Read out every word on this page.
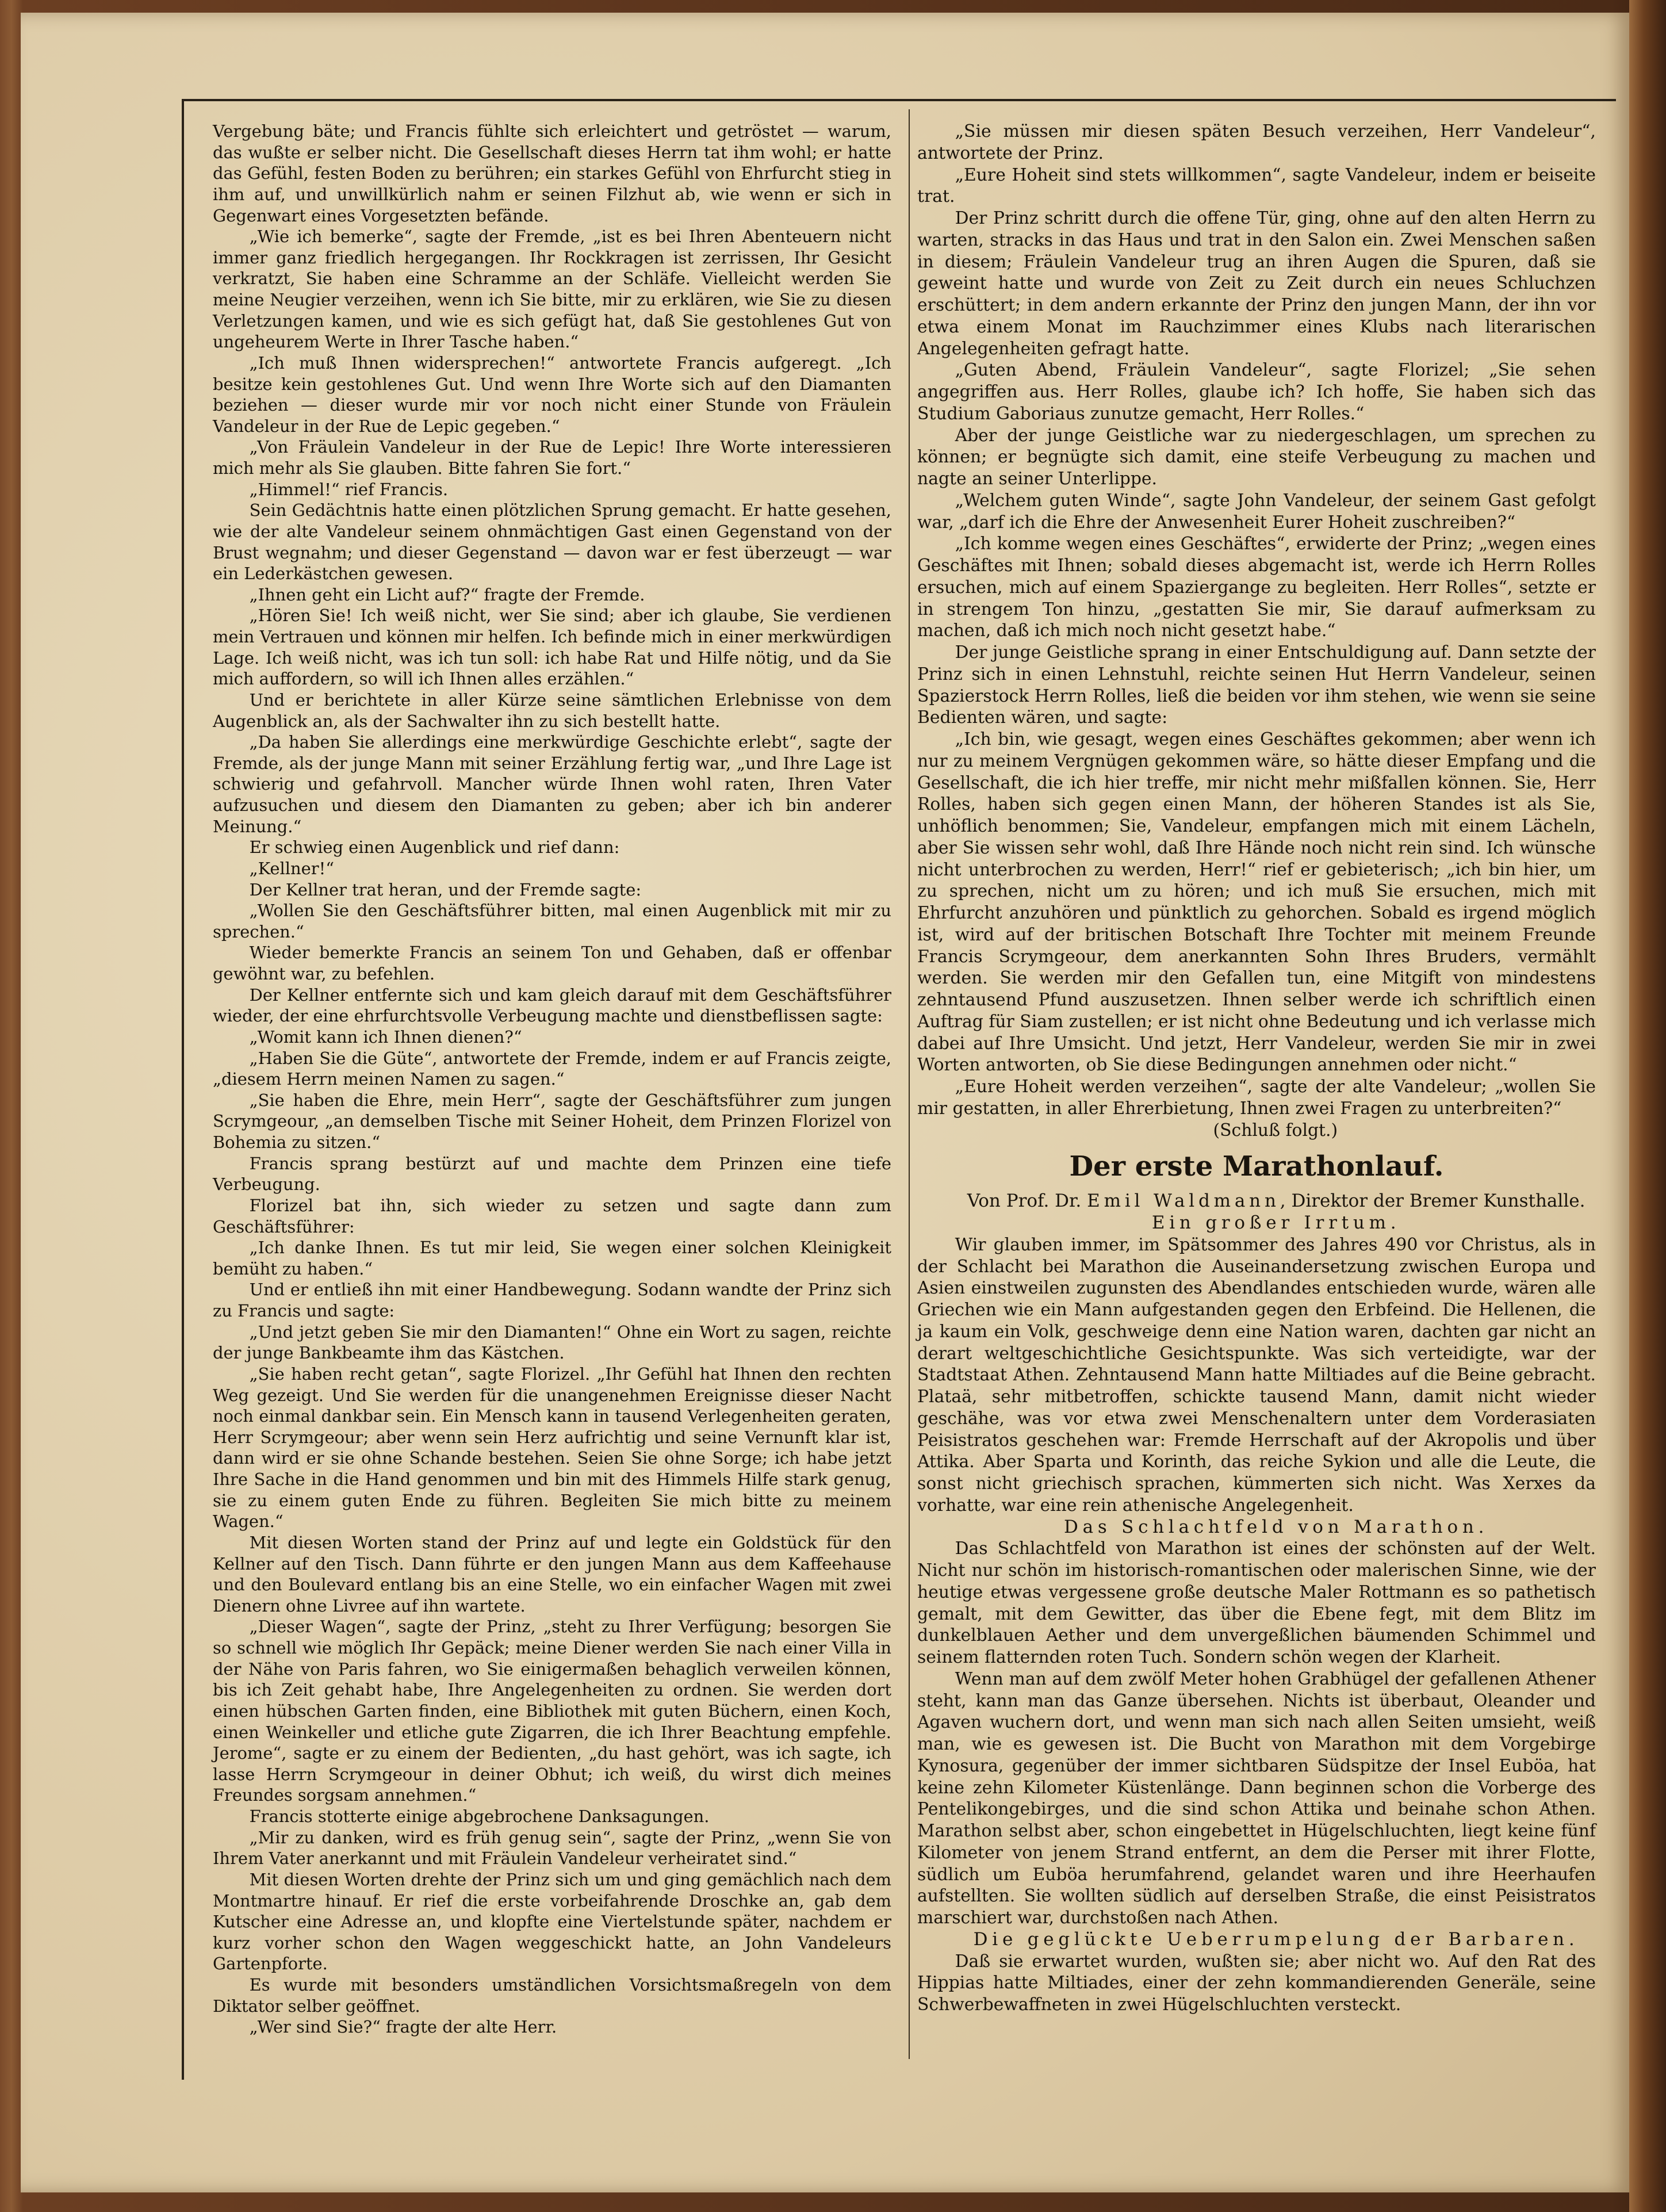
Vergebung bäte; und Francis fühlte sich erleichtert und getröstet — warum, das wußte er selber nicht. Die Gesellschaft dieses Herrn tat ihm wohl; er hatte das Gefühl, festen Boden zu berühren; ein starkes Gefühl von Ehrfurcht stieg in ihm auf, und unwillkürlich nahm er seinen Filzhut ab, wie wenn er sich in Gegenwart eines Vorgesetzten befände.

„Wie ich bemerke“, sagte der Fremde, „ist es bei Ihren Abenteuern nicht immer ganz friedlich hergegangen. Ihr Rockkragen ist zerrissen, Ihr Gesicht verkratzt, Sie haben eine Schramme an der Schläfe. Vielleicht werden Sie meine Neugier verzeihen, wenn ich Sie bitte, mir zu erklären, wie Sie zu diesen Verletzungen kamen, und wie es sich gefügt hat, daß Sie gestohlenes Gut von ungeheurem Werte in Ihrer Tasche haben.“

„Ich muß Ihnen widersprechen!“ antwortete Francis aufgeregt. „Ich besitze kein gestohlenes Gut. Und wenn Ihre Worte sich auf den Diamanten beziehen — dieser wurde mir vor noch nicht einer Stunde von Fräulein Vandeleur in der Rue de Lepic gegeben.“

„Von Fräulein Vandeleur in der Rue de Lepic! Ihre Worte interessieren mich mehr als Sie glauben. Bitte fahren Sie fort.“

„Himmel!“ rief Francis.

Sein Gedächtnis hatte einen plötzlichen Sprung gemacht. Er hatte gesehen, wie der alte Vandeleur seinem ohnmächtigen Gast einen Gegenstand von der Brust wegnahm; und dieser Gegenstand — davon war er fest überzeugt — war ein Lederkästchen gewesen.

„Ihnen geht ein Licht auf?“ fragte der Fremde.

„Hören Sie! Ich weiß nicht, wer Sie sind; aber ich glaube, Sie verdienen mein Vertrauen und können mir helfen. Ich befinde mich in einer merkwürdigen Lage. Ich weiß nicht, was ich tun soll: ich habe Rat und Hilfe nötig, und da Sie mich auffordern, so will ich Ihnen alles erzählen.“

Und er berichtete in aller Kürze seine sämtlichen Erlebnisse von dem Augenblick an, als der Sachwalter ihn zu sich bestellt hatte.

„Da haben Sie allerdings eine merkwürdige Geschichte erlebt“, sagte der Fremde, als der junge Mann mit seiner Erzählung fertig war, „und Ihre Lage ist schwierig und gefahrvoll. Mancher würde Ihnen wohl raten, Ihren Vater aufzusuchen und diesem den Diamanten zu geben; aber ich bin anderer Meinung.“

Er schwieg einen Augenblick und rief dann:

„Kellner!“

Der Kellner trat heran, und der Fremde sagte:

„Wollen Sie den Geschäftsführer bitten, mal einen Augenblick mit mir zu sprechen.“

Wieder bemerkte Francis an seinem Ton und Gehaben, daß er offenbar gewöhnt war, zu befehlen.

Der Kellner entfernte sich und kam gleich darauf mit dem Geschäftsführer wieder, der eine ehrfurchtsvolle Verbeugung machte und dienstbeflissen sagte:

„Womit kann ich Ihnen dienen?“

„Haben Sie die Güte“, antwortete der Fremde, indem er auf Francis zeigte, „diesem Herrn meinen Namen zu sagen.“

„Sie haben die Ehre, mein Herr“, sagte der Geschäftsführer zum jungen Scrymgeour, „an demselben Tische mit Seiner Hoheit, dem Prinzen Florizel von Bohemia zu sitzen.“

Francis sprang bestürzt auf und machte dem Prinzen eine tiefe Verbeugung.

Florizel bat ihn, sich wieder zu setzen und sagte dann zum Geschäftsführer:

„Ich danke Ihnen. Es tut mir leid, Sie wegen einer solchen Kleinigkeit bemüht zu haben.“

Und er entließ ihn mit einer Handbewegung. Sodann wandte der Prinz sich zu Francis und sagte:

„Und jetzt geben Sie mir den Diamanten!“ Ohne ein Wort zu sagen, reichte der junge Bankbeamte ihm das Kästchen.

„Sie haben recht getan“, sagte Florizel. „Ihr Gefühl hat Ihnen den rechten Weg gezeigt. Und Sie werden für die unangenehmen Ereignisse dieser Nacht noch einmal dankbar sein. Ein Mensch kann in tausend Verlegenheiten geraten, Herr Scrymgeour; aber wenn sein Herz aufrichtig und seine Vernunft klar ist, dann wird er sie ohne Schande bestehen. Seien Sie ohne Sorge; ich habe jetzt Ihre Sache in die Hand genommen und bin mit des Himmels Hilfe stark genug, sie zu einem guten Ende zu führen. Begleiten Sie mich bitte zu meinem Wagen.“

Mit diesen Worten stand der Prinz auf und legte ein Goldstück für den Kellner auf den Tisch. Dann führte er den jungen Mann aus dem Kaffeehause und den Boulevard entlang bis an eine Stelle, wo ein einfacher Wagen mit zwei Dienern ohne Livree auf ihn wartete.

„Dieser Wagen“, sagte der Prinz, „steht zu Ihrer Verfügung; besorgen Sie so schnell wie möglich Ihr Gepäck; meine Diener werden Sie nach einer Villa in der Nähe von Paris fahren, wo Sie einigermaßen behaglich verweilen können, bis ich Zeit gehabt habe, Ihre Angelegenheiten zu ordnen. Sie werden dort einen hübschen Garten finden, eine Bibliothek mit guten Büchern, einen Koch, einen Weinkeller und etliche gute Zigarren, die ich Ihrer Beachtung empfehle. Jerome“, sagte er zu einem der Bedienten, „du hast gehört, was ich sagte, ich lasse Herrn Scrymgeour in deiner Obhut; ich weiß, du wirst dich meines Freundes sorgsam annehmen.“

Francis stotterte einige abgebrochene Danksagungen.

„Mir zu danken, wird es früh genug sein“, sagte der Prinz, „wenn Sie von Ihrem Vater anerkannt und mit Fräulein Vandeleur verheiratet sind.“

Mit diesen Worten drehte der Prinz sich um und ging gemächlich nach dem Montmartre hinauf. Er rief die erste vorbeifahrende Droschke an, gab dem Kutscher eine Adresse an, und klopfte eine Viertelstunde später, nachdem er kurz vorher schon den Wagen weggeschickt hatte, an John Vandeleurs Gartenpforte.

Es wurde mit besonders umständlichen Vorsichtsmaßregeln von dem Diktator selber geöffnet.

„Wer sind Sie?“ fragte der alte Herr.

„Sie müssen mir diesen späten Besuch verzeihen, Herr Vandeleur“, antwortete der Prinz.

„Eure Hoheit sind stets willkommen“, sagte Vandeleur, indem er beiseite trat.

Der Prinz schritt durch die offene Tür, ging, ohne auf den alten Herrn zu warten, stracks in das Haus und trat in den Salon ein. Zwei Menschen saßen in diesem; Fräulein Vandeleur trug an ihren Augen die Spuren, daß sie geweint hatte und wurde von Zeit zu Zeit durch ein neues Schluchzen erschüttert; in dem andern erkannte der Prinz den jungen Mann, der ihn vor etwa einem Monat im Rauchzimmer eines Klubs nach literarischen Angelegenheiten gefragt hatte.

„Guten Abend, Fräulein Vandeleur“, sagte Florizel; „Sie sehen angegriffen aus. Herr Rolles, glaube ich? Ich hoffe, Sie haben sich das Studium Gaboriaus zunutze gemacht, Herr Rolles.“

Aber der junge Geistliche war zu niedergeschlagen, um sprechen zu können; er begnügte sich damit, eine steife Verbeugung zu machen und nagte an seiner Unterlippe.

„Welchem guten Winde“, sagte John Vandeleur, der seinem Gast gefolgt war, „darf ich die Ehre der Anwesenheit Eurer Hoheit zuschreiben?“

„Ich komme wegen eines Geschäftes“, erwiderte der Prinz; „wegen eines Geschäftes mit Ihnen; sobald dieses abgemacht ist, werde ich Herrn Rolles ersuchen, mich auf einem Spaziergange zu begleiten. Herr Rolles“, setzte er in strengem Ton hinzu, „gestatten Sie mir, Sie darauf aufmerksam zu machen, daß ich mich noch nicht gesetzt habe.“

Der junge Geistliche sprang in einer Entschuldigung auf. Dann setzte der Prinz sich in einen Lehnstuhl, reichte seinen Hut Herrn Vandeleur, seinen Spazierstock Herrn Rolles, ließ die beiden vor ihm stehen, wie wenn sie seine Bedienten wären, und sagte:

„Ich bin, wie gesagt, wegen eines Geschäftes gekommen; aber wenn ich nur zu meinem Vergnügen gekommen wäre, so hätte dieser Empfang und die Gesellschaft, die ich hier treffe, mir nicht mehr mißfallen können. Sie, Herr Rolles, haben sich gegen einen Mann, der höheren Standes ist als Sie, unhöflich benommen; Sie, Vandeleur, empfangen mich mit einem Lächeln, aber Sie wissen sehr wohl, daß Ihre Hände noch nicht rein sind. Ich wünsche nicht unterbrochen zu werden, Herr!“ rief er gebieterisch; „ich bin hier, um zu sprechen, nicht um zu hören; und ich muß Sie ersuchen, mich mit Ehrfurcht anzuhören und pünktlich zu gehorchen. Sobald es irgend möglich ist, wird auf der britischen Botschaft Ihre Tochter mit meinem Freunde Francis Scrymgeour, dem anerkannten Sohn Ihres Bruders, vermählt werden. Sie werden mir den Gefallen tun, eine Mitgift von mindestens zehntausend Pfund auszusetzen. Ihnen selber werde ich schriftlich einen Auftrag für Siam zustellen; er ist nicht ohne Bedeutung und ich verlasse mich dabei auf Ihre Umsicht. Und jetzt, Herr Vandeleur, werden Sie mir in zwei Worten antworten, ob Sie diese Bedingungen annehmen oder nicht.“

„Eure Hoheit werden verzeihen“, sagte der alte Vandeleur; „wollen Sie mir gestatten, in aller Ehrerbietung, Ihnen zwei Fragen zu unterbreiten?“

(Schluß folgt.)

Der erste Marathonlauf.

Von Prof. Dr. Emil Waldmann, Direktor der Bremer Kunsthalle.

Ein großer Irrtum.

Wir glauben immer, im Spätsommer des Jahres 490 vor Christus, als in der Schlacht bei Marathon die Auseinandersetzung zwischen Europa und Asien einstweilen zugunsten des Abendlandes entschieden wurde, wären alle Griechen wie ein Mann aufgestanden gegen den Erbfeind. Die Hellenen, die ja kaum ein Volk, geschweige denn eine Nation waren, dachten gar nicht an derart weltgeschichtliche Gesichtspunkte. Was sich verteidigte, war der Stadtstaat Athen. Zehntausend Mann hatte Miltiades auf die Beine gebracht. Plataä, sehr mitbetroffen, schickte tausend Mann, damit nicht wieder geschähe, was vor etwa zwei Menschenaltern unter dem Vorderasiaten Peisistratos geschehen war: Fremde Herrschaft auf der Akropolis und über Attika. Aber Sparta und Korinth, das reiche Sykion und alle die Leute, die sonst nicht griechisch sprachen, kümmerten sich nicht. Was Xerxes da vorhatte, war eine rein athenische Angelegenheit.

Das Schlachtfeld von Marathon.

Das Schlachtfeld von Marathon ist eines der schönsten auf der Welt. Nicht nur schön im historisch-romantischen oder malerischen Sinne, wie der heutige etwas vergessene große deutsche Maler Rottmann es so pathetisch gemalt, mit dem Gewitter, das über die Ebene fegt, mit dem Blitz im dunkelblauen Aether und dem unvergeßlichen bäumenden Schimmel und seinem flatternden roten Tuch. Sondern schön wegen der Klarheit.

Wenn man auf dem zwölf Meter hohen Grabhügel der gefallenen Athener steht, kann man das Ganze übersehen. Nichts ist überbaut, Oleander und Agaven wuchern dort, und wenn man sich nach allen Seiten umsieht, weiß man, wie es gewesen ist. Die Bucht von Marathon mit dem Vorgebirge Kynosura, gegenüber der immer sichtbaren Südspitze der Insel Euböa, hat keine zehn Kilometer Küstenlänge. Dann beginnen schon die Vorberge des Pentelikongebirges, und die sind schon Attika und beinahe schon Athen. Marathon selbst aber, schon eingebettet in Hügelschluchten, liegt keine fünf Kilometer von jenem Strand entfernt, an dem die Perser mit ihrer Flotte, südlich um Euböa herumfahrend, gelandet waren und ihre Heerhaufen aufstellten. Sie wollten südlich auf derselben Straße, die einst Peisistratos marschiert war, durchstoßen nach Athen.

Die geglückte Ueberrumpelung der Barbaren.

Daß sie erwartet wurden, wußten sie; aber nicht wo. Auf den Rat des Hippias hatte Miltiades, einer der zehn kommandierenden Generäle, seine Schwerbewaffneten in zwei Hügelschluchten versteckt.
